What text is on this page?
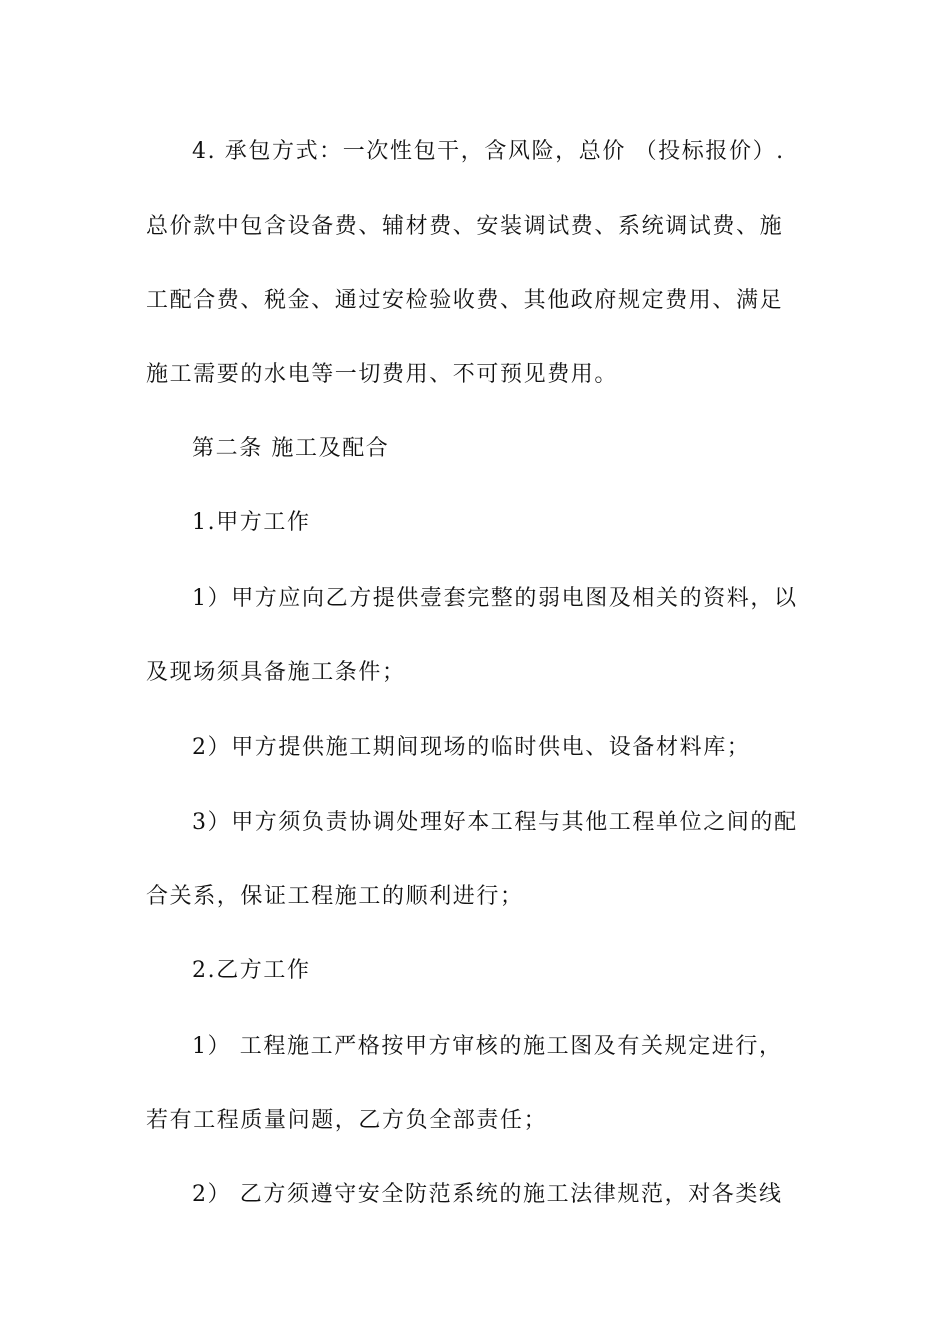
4. 承包方式：一次性包干，含风险，总价 （投标报价）.
总价款中包含设备费、辅材费、安装调试费、系统调试费、施
工配合费、税金、通过安检验收费、其他政府规定费用、满足
施工需要的水电等一切费用、不可预见费用。
第二条 施工及配合
1.甲方工作
1）甲方应向乙方提供壹套完整的弱电图及相关的资料，以
及现场须具备施工条件；
2）甲方提供施工期间现场的临时供电、设备材料库；
3）甲方须负责协调处理好本工程与其他工程单位之间的配
合关系，保证工程施工的顺利进行；
2.乙方工作
1） 工程施工严格按甲方审核的施工图及有关规定进行，
若有工程质量问题，乙方负全部责任；
2） 乙方须遵守安全防范系统的施工法律规范，对各类线
